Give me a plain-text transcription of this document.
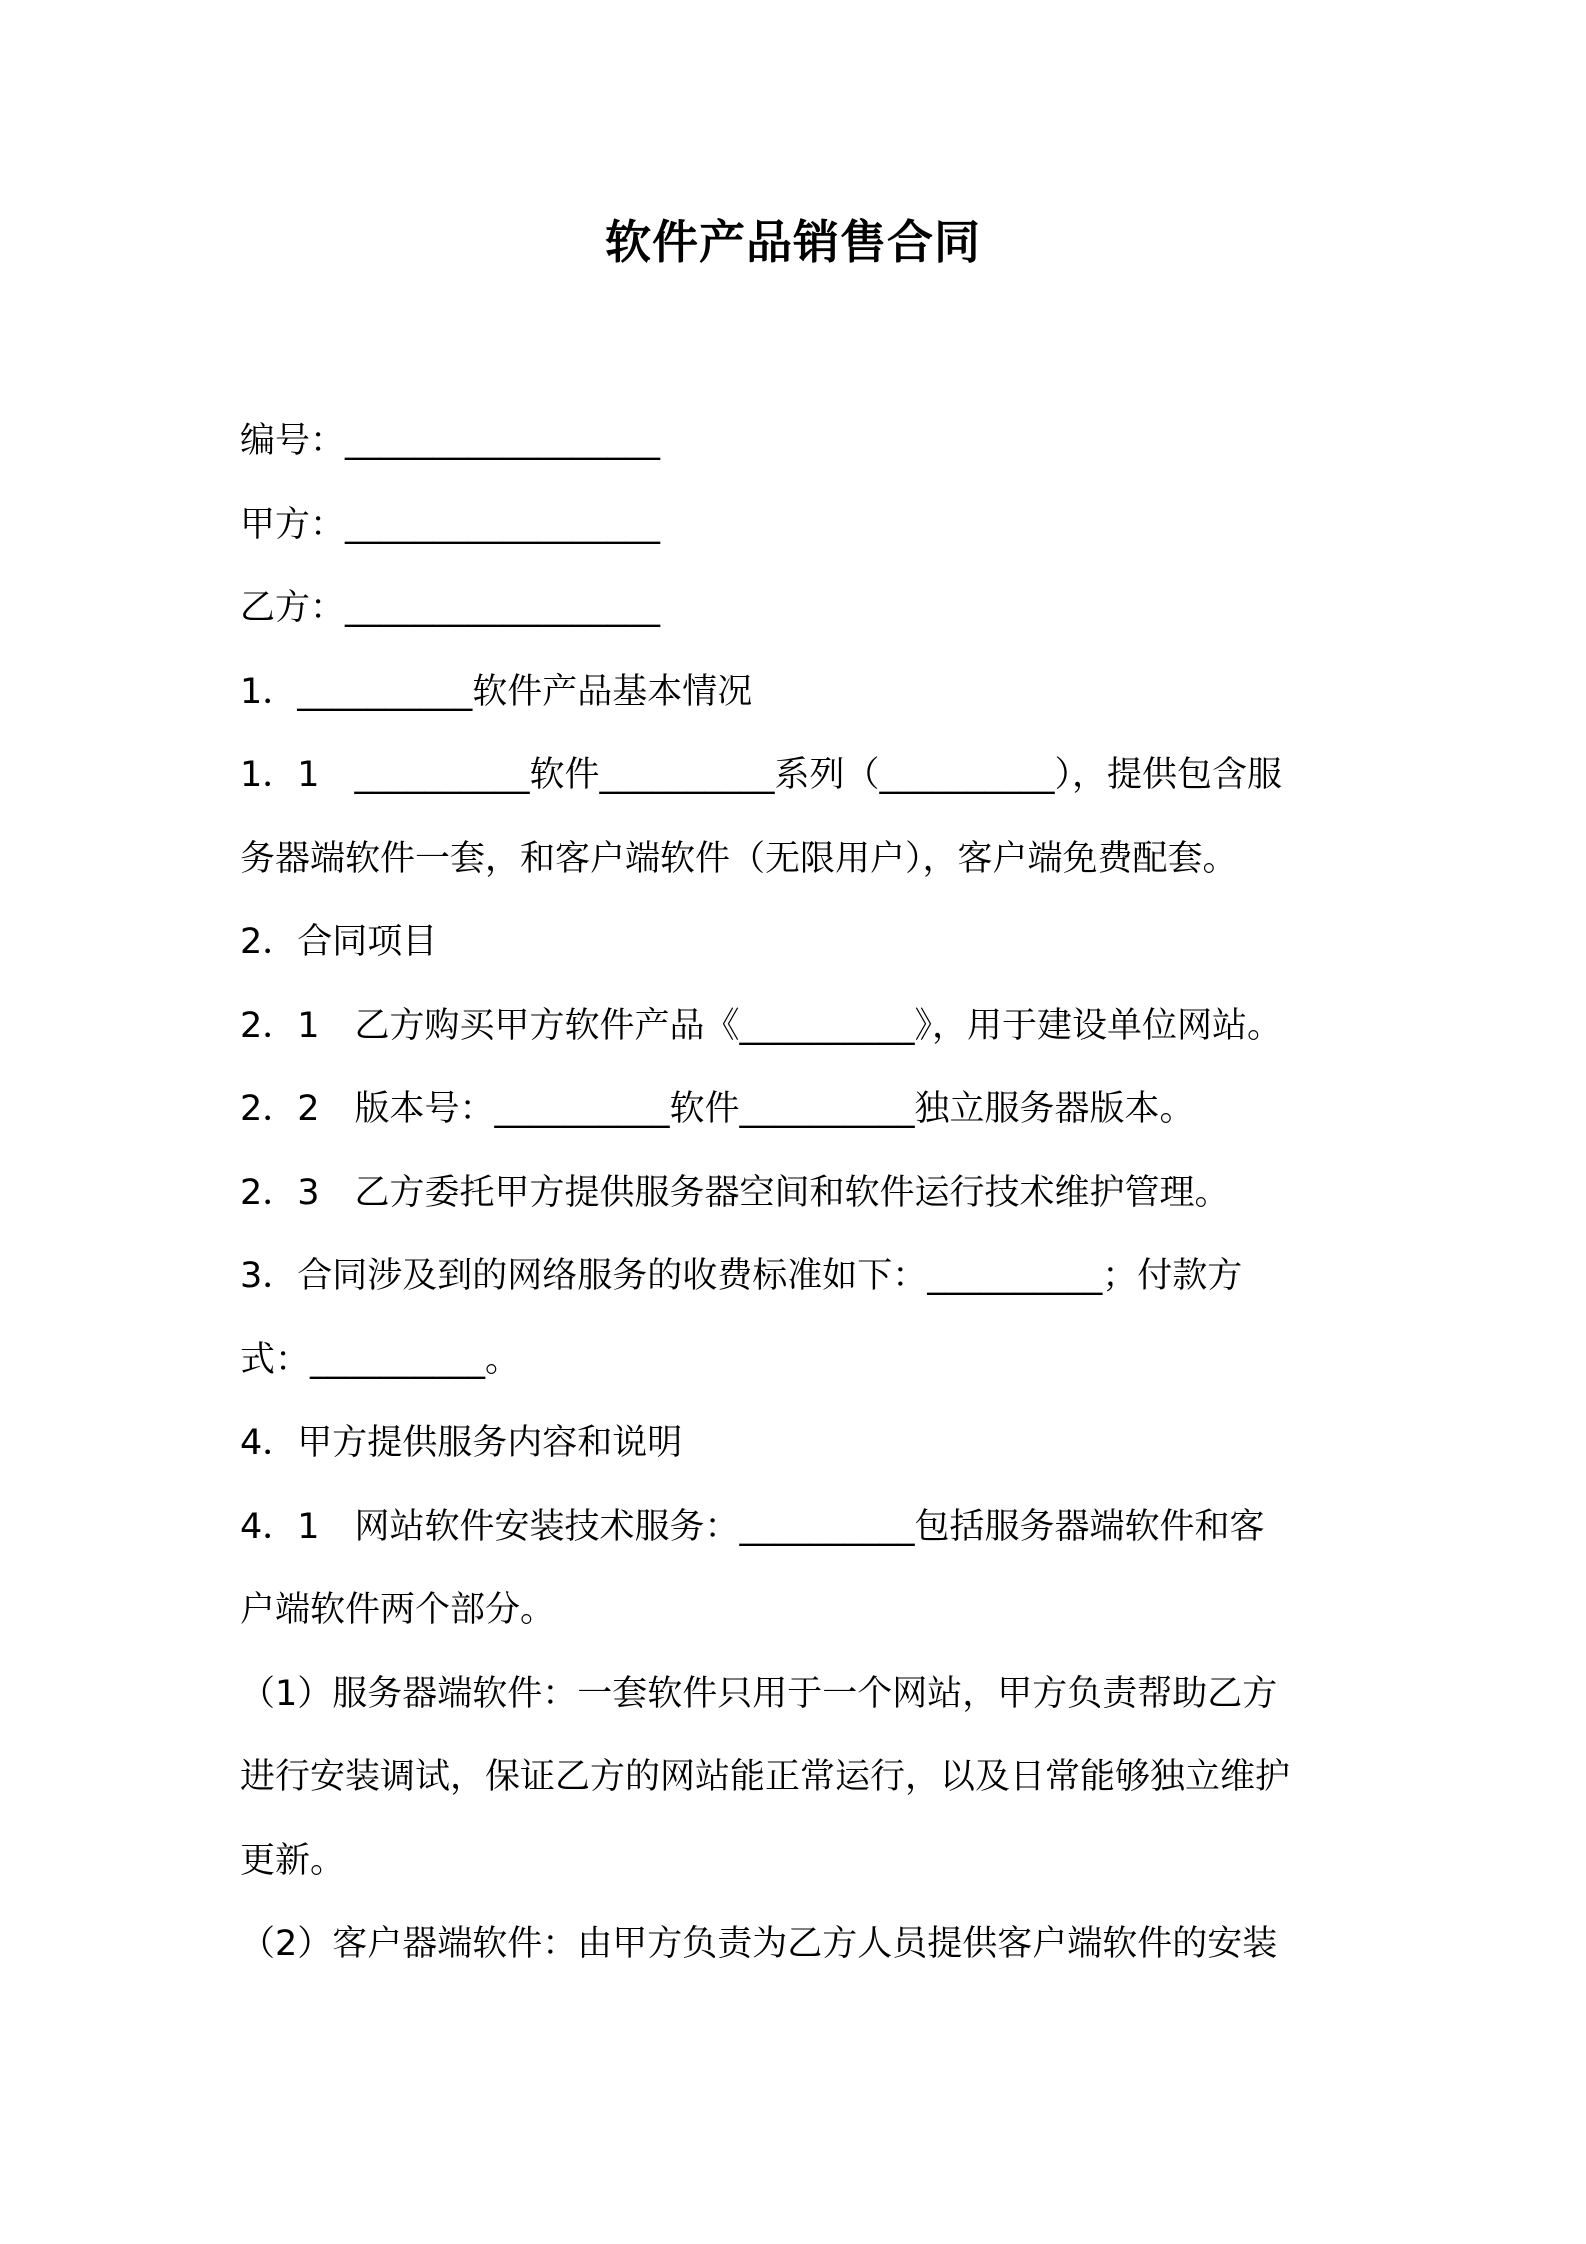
软件产品销售合同
编号：__________________
甲方：__________________
乙方：__________________
1．__________软件产品基本情况
1．1　__________软件__________系列（__________），提供包含服
务器端软件一套，和客户端软件（无限用户），客户端免费配套。
2．合同项目
2．1　乙方购买甲方软件产品《__________》，用于建设单位网站。
2．2　版本号：__________软件__________独立服务器版本。
2．3　乙方委托甲方提供服务器空间和软件运行技术维护管理。
3．合同涉及到的网络服务的收费标准如下：__________；付款方
式：__________。
4．甲方提供服务内容和说明
4．1　网站软件安装技术服务：__________包括服务器端软件和客
户端软件两个部分。
（1）服务器端软件：一套软件只用于一个网站，甲方负责帮助乙方
进行安装调试，保证乙方的网站能正常运行，以及日常能够独立维护
更新。
（2）客户器端软件：由甲方负责为乙方人员提供客户端软件的安装
